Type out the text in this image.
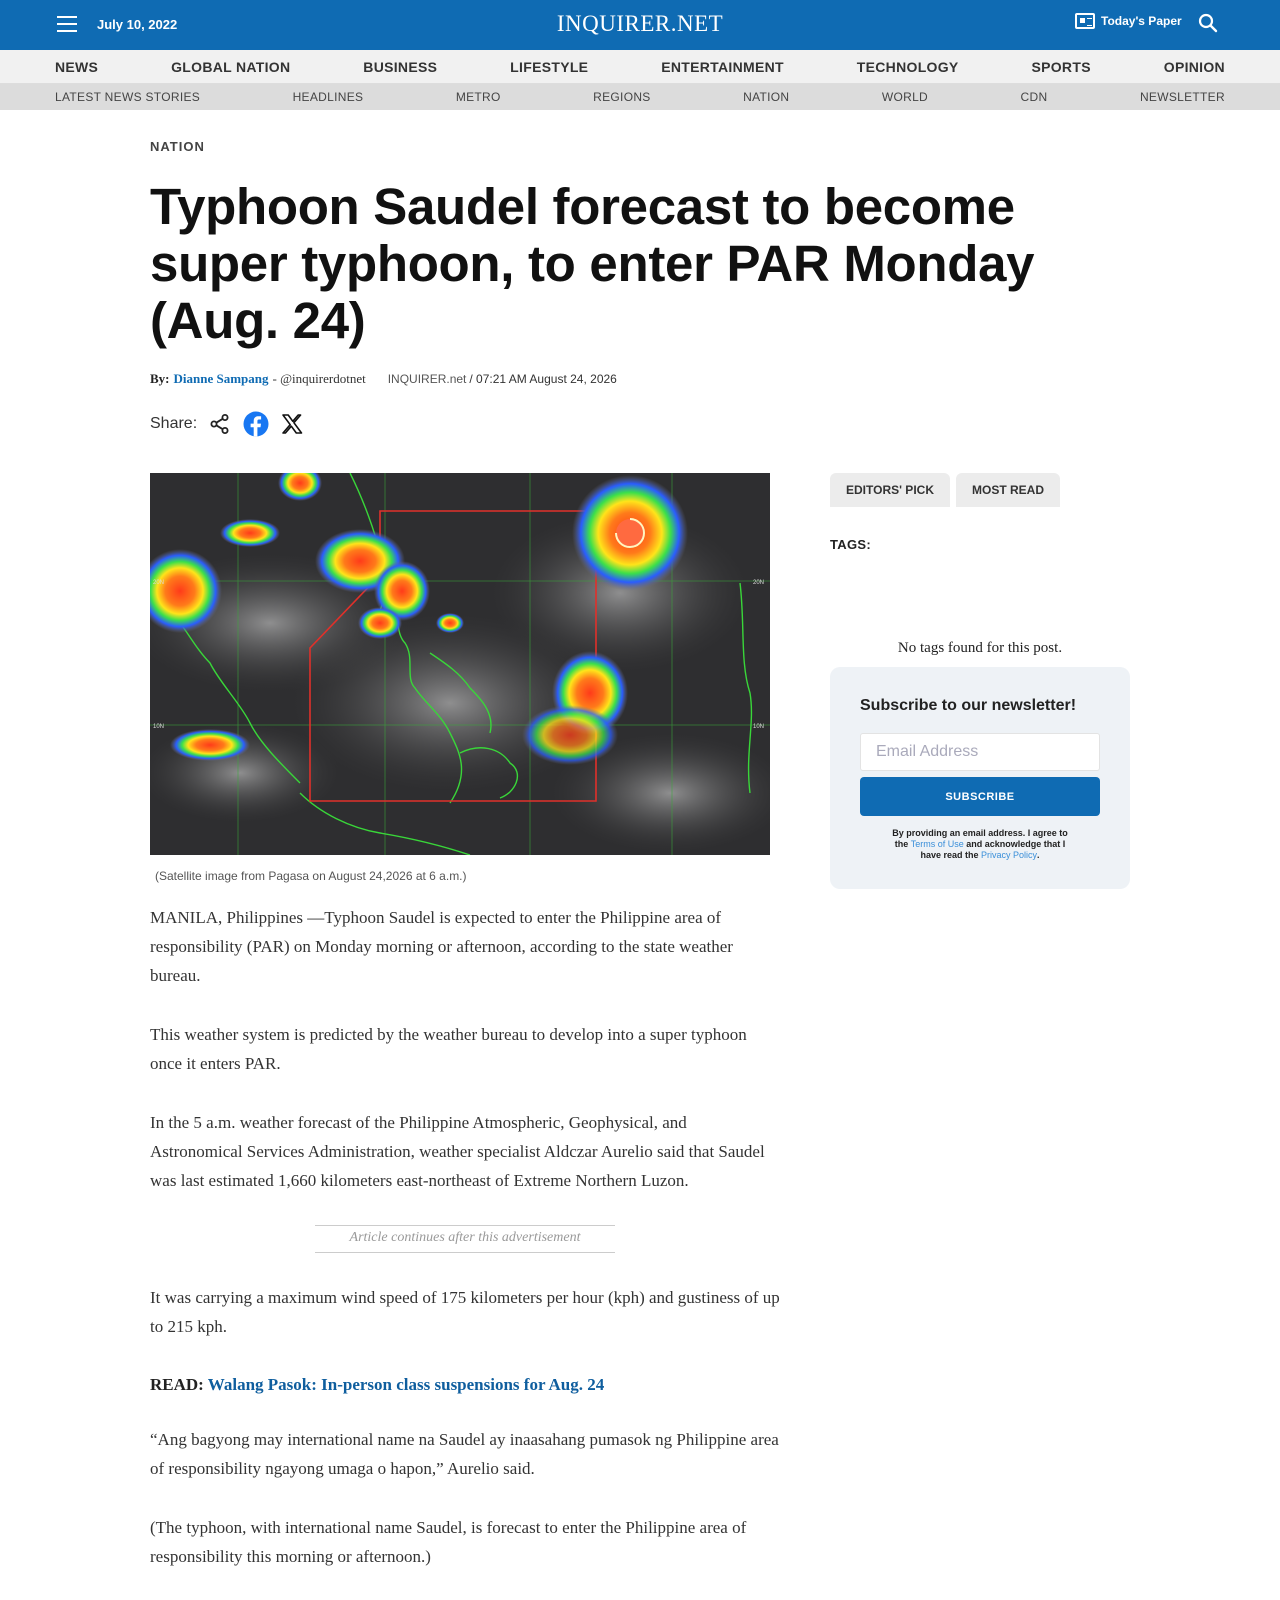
July 10, 2022	INQUIRER.NET	Today's Paper
NEWS	GLOBAL NATION	BUSINESS	LIFESTYLE	ENTERTAINMENT	TECHNOLOGY	SPORTS	OPINION
LATEST NEWS STORIES	HEADLINES	METRO	REGIONS	NATION	WORLD	CDN	NEWSLETTER
NATION
Typhoon Saudel forecast to become super typhoon, to enter PAR Monday (Aug. 24)
By: Dianne Sampang - @inquirerdotnet INQUIRER.net / 07:21 AM August 24, 2026
Share:
20N	20N
10N	10N
(Satellite image from Pagasa on August 24,2026 at 6 a.m.)

MANILA, Philippines —Typhoon Saudel is expected to enter the Philippine area of responsibility (PAR) on Monday morning or afternoon, according to the state weather bureau.

This weather system is predicted by the weather bureau to develop into a super typhoon once it enters PAR.

In the 5 a.m. weather forecast of the Philippine Atmospheric, Geophysical, and Astronomical Services Administration, weather specialist Aldczar Aurelio said that Saudel was last estimated 1,660 kilometers east-northeast of Extreme Northern Luzon.

Article continues after this advertisement

It was carrying a maximum wind speed of 175 kilometers per hour (kph) and gustiness of up to 215 kph.

READ: Walang Pasok: In-person class suspensions for Aug. 24

“Ang bagyong may international name na Saudel ay inaasahang pumasok ng Philippine area of responsibility ngayong umaga o hapon,” Aurelio said.

(The typhoon, with international name Saudel, is forecast to enter the Philippine area of responsibility this morning or afternoon.)

EDITORS' PICK	MOST READ
TAGS:
No tags found for this post.
Subscribe to our newsletter!
Email Address SUBSCRIBE
By providing an email address. I agree to the Terms of Use and acknowledge that I have read the Privacy Policy.
